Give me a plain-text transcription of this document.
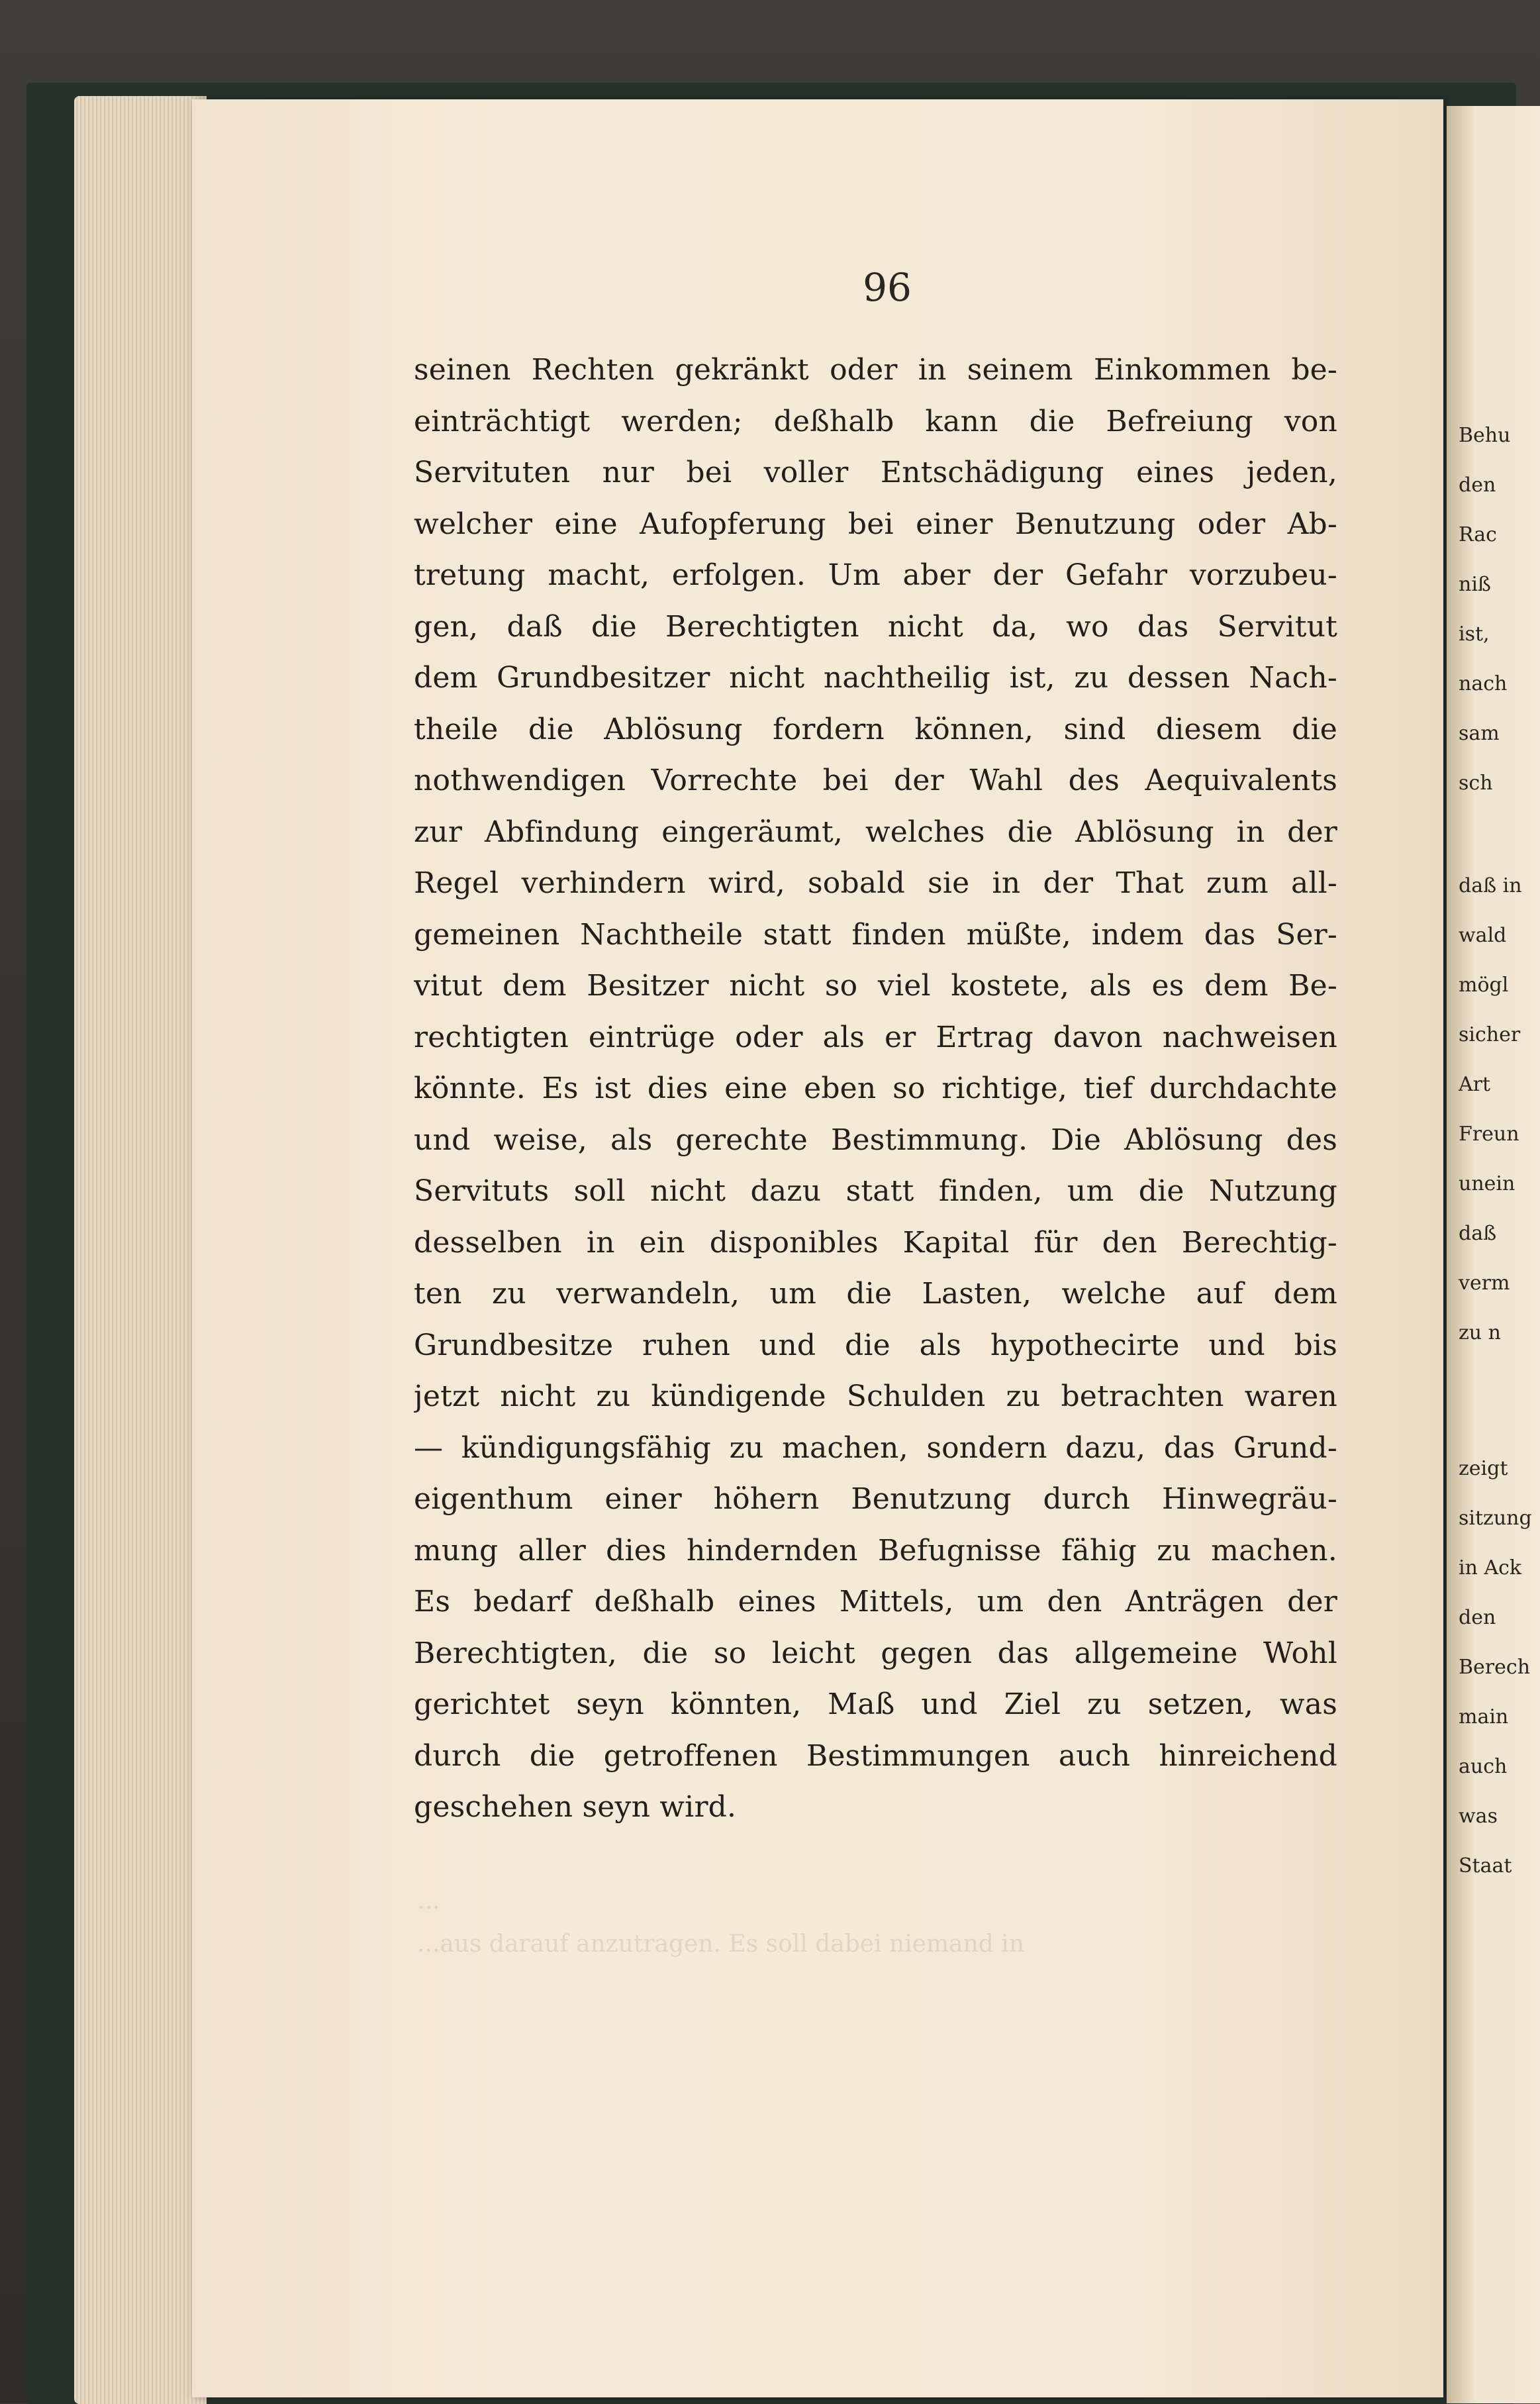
Behu
den
Rac
niß
ist,
nach
sam
sch
daß in
wald
mögl
sicher
Art
Freun
unein
daß
verm
zu n
zeigt
sitzung
in Ack
den
Berech
main
auch
was
Staat
96
...
...aus darauf anzutragen. Es soll dabei niemand in
seinen Rechten gekränkt oder in seinem Einkommen be-
einträchtigt werden; deßhalb kann die Befreiung von
Servituten nur bei voller Entschädigung eines jeden,
welcher eine Aufopferung bei einer Benutzung oder Ab-
tretung macht, erfolgen. Um aber der Gefahr vorzubeu-
gen, daß die Berechtigten nicht da, wo das Servitut
dem Grundbesitzer nicht nachtheilig ist, zu dessen Nach-
theile die Ablösung fordern können, sind diesem die
nothwendigen Vorrechte bei der Wahl des Aequivalents
zur Abfindung eingeräumt, welches die Ablösung in der
Regel verhindern wird, sobald sie in der That zum all-
gemeinen Nachtheile statt finden müßte, indem das Ser-
vitut dem Besitzer nicht so viel kostete, als es dem Be-
rechtigten eintrüge oder als er Ertrag davon nachweisen
könnte. Es ist dies eine eben so richtige, tief durchdachte
und weise, als gerechte Bestimmung. Die Ablösung des
Servituts soll nicht dazu statt finden, um die Nutzung
desselben in ein disponibles Kapital für den Berechtig-
ten zu verwandeln, um die Lasten, welche auf dem
Grundbesitze ruhen und die als hypothecirte und bis
jetzt nicht zu kündigende Schulden zu betrachten waren
— kündigungsfähig zu machen, sondern dazu, das Grund-
eigenthum einer höhern Benutzung durch Hinwegräu-
mung aller dies hindernden Befugnisse fähig zu machen.
Es bedarf deßhalb eines Mittels, um den Anträgen der
Berechtigten, die so leicht gegen das allgemeine Wohl
gerichtet seyn könnten, Maß und Ziel zu setzen, was
durch die getroffenen Bestimmungen auch hinreichend
geschehen seyn wird.
